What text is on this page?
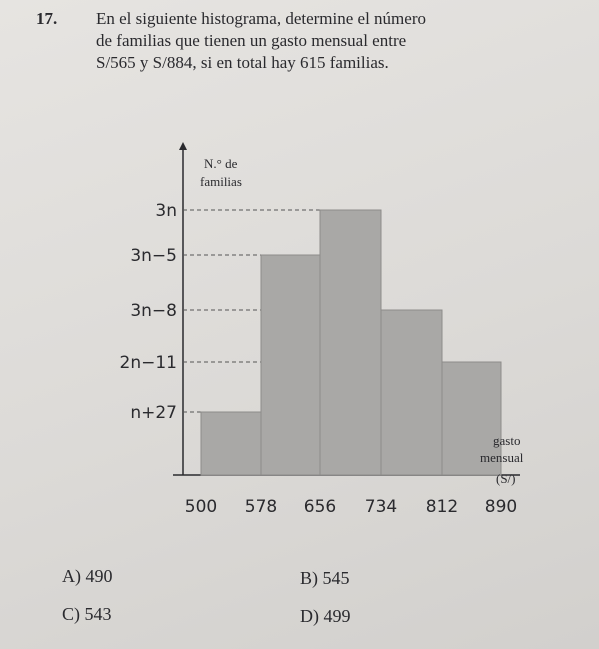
17. En el siguiente histograma, determine el número
de familias que tienen un gasto mensual entre
S/565 y S/884, si en total hay 615 familias.
N.° de
familias
3n
3n−5
3n−8
2n−11
n+27
500 578 656 734 812 890
gasto
mensual
(S/)
A) 490	B) 545
C) 543	D) 499
